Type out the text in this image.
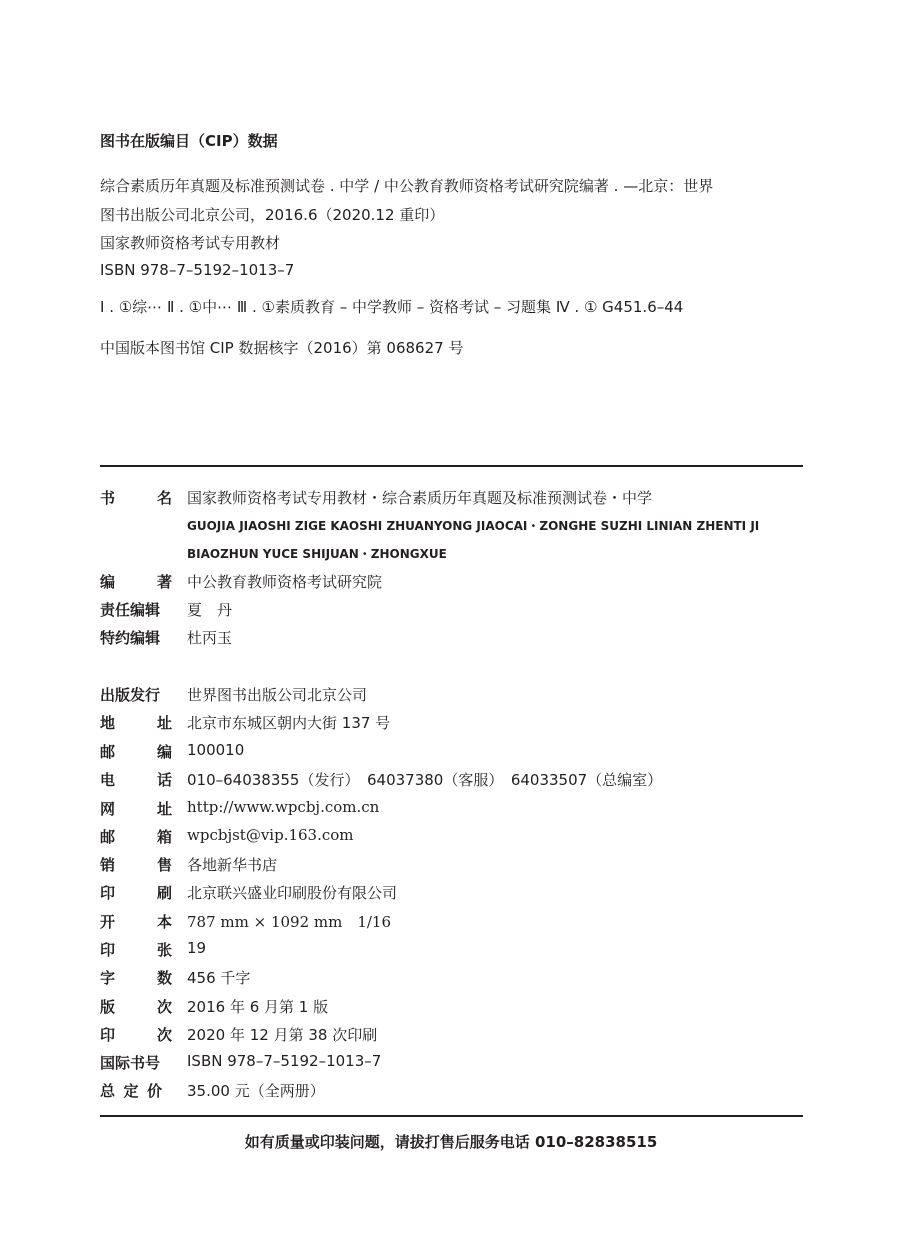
图书在版编目（CIP）数据
综合素质历年真题及标准预测试卷 . 中学 / 中公教育教师资格考试研究院编著 . —北京：世界
图书出版公司北京公司，2016.6（2020.12 重印）
国家教师资格考试专用教材
ISBN 978–7–5192–1013–7
Ⅰ . ①综⋯ Ⅱ . ①中⋯ Ⅲ . ①素质教育 – 中学教师 – 资格考试 – 习题集 Ⅳ . ① G451.6–44
中国版本图书馆 CIP 数据核字（2016）第 068627 号
书	名 国家教师资格考试专用教材・综合素质历年真题及标准预测试卷・中学
GUOJIA JIAOSHI ZIGE KAOSHI ZHUANYONG JIAOCAI・ZONGHE SUZHI LINIAN ZHENTI JI
BIAOZHUN YUCE SHIJUAN・ZHONGXUE
编	著 中公教育教师资格考试研究院
责任编辑 夏　丹
特约编辑 杜丙玉
出版发行 世界图书出版公司北京公司
地	址 北京市东城区朝内大街 137 号
邮	编 100010
电	话 010–64038355（发行）　64037380（客服）　64033507（总编室）
网	址 http://www.wpcbj.com.cn
邮	箱 wpcbjst@vip.163.com
销	售 各地新华书店
印	刷 北京联兴盛业印刷股份有限公司
开	本 787 mm × 1092 mm　1/16
印	张 19
字	数 456 千字
版	次 2016 年 6 月第 1 版
印	次 2020 年 12 月第 38 次印刷
国际书号 ISBN 978–7–5192–1013–7
总 定 价 35.00 元（全两册）
如有质量或印装问题，请拔打售后服务电话 010–82838515
